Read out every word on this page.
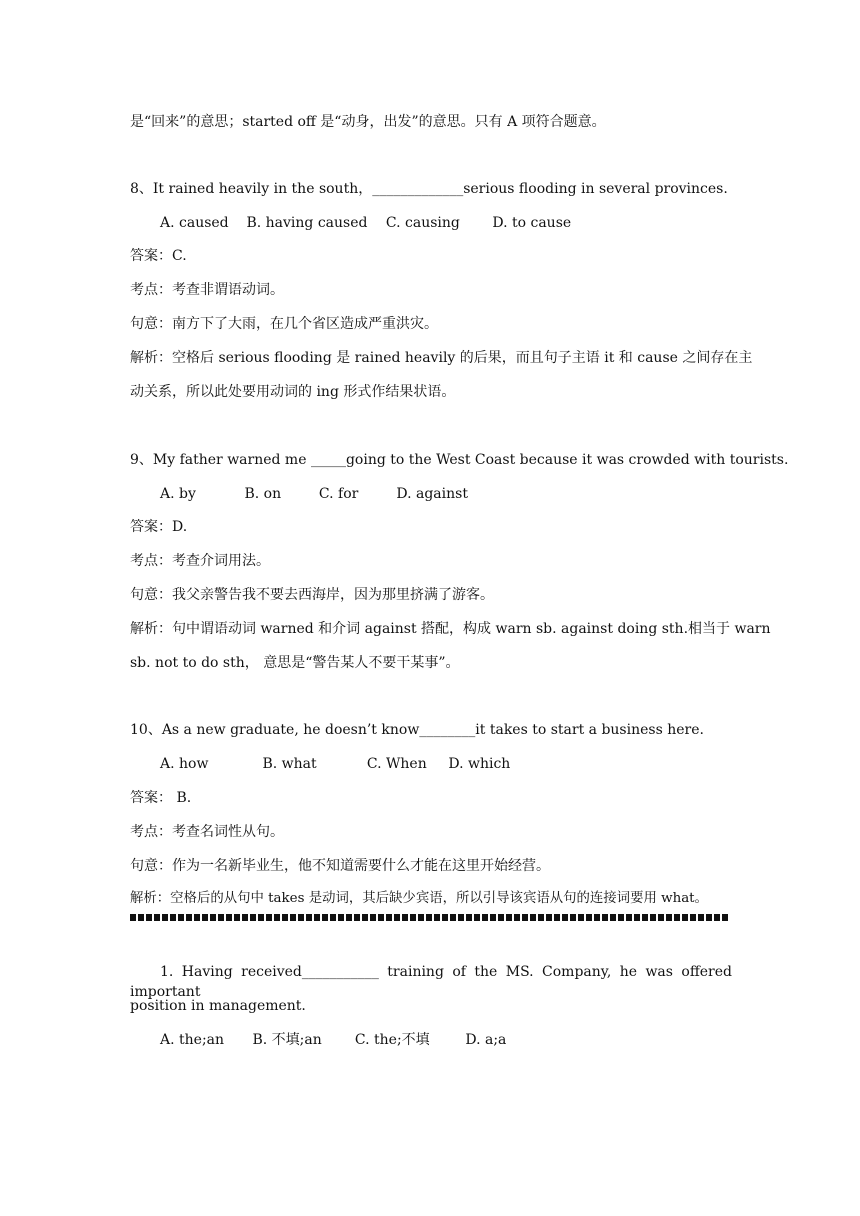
是“回来”的意思；started off 是“动身，出发”的意思。只有 A 项符合题意。
8、It rained heavily in the south，_____________serious flooding in several provinces.
A. caused B. having caused C. causing D. to cause
答案：C.
考点：考查非谓语动词。
句意：南方下了大雨，在几个省区造成严重洪灾。
解析：空格后 serious flooding 是 rained heavily 的后果，而且句子主语 it 和 cause 之间存在主
动关系，所以此处要用动词的 ing 形式作结果状语。
9、My father warned me _____going to the West Coast because it was crowded with tourists.
A. by	B. on	C. for	D. against
答案：D.
考点：考查介词用法。
句意：我父亲警告我不要去西海岸，因为那里挤满了游客。
解析：句中谓语动词 warned 和介词 against 搭配，构成 warn sb. against doing sth.相当于 warn
sb. not to do sth， 意思是“警告某人不要干某事”。
10、As a new graduate, he doesn’t know________it takes to start a business here.
A. how	B. what	C. When D. which
答案： B.
考点：考查名词性从句。
句意：作为一名新毕业生，他不知道需要什么才能在这里开始经营。
解析：空格后的从句中 takes 是动词，其后缺少宾语，所以引导该宾语从句的连接词要用 what。
1. Having received___________ training of the MS. Company, he was offered important
position in management.
A. the;an B. 不填;an C. the;不填	D. a;a
